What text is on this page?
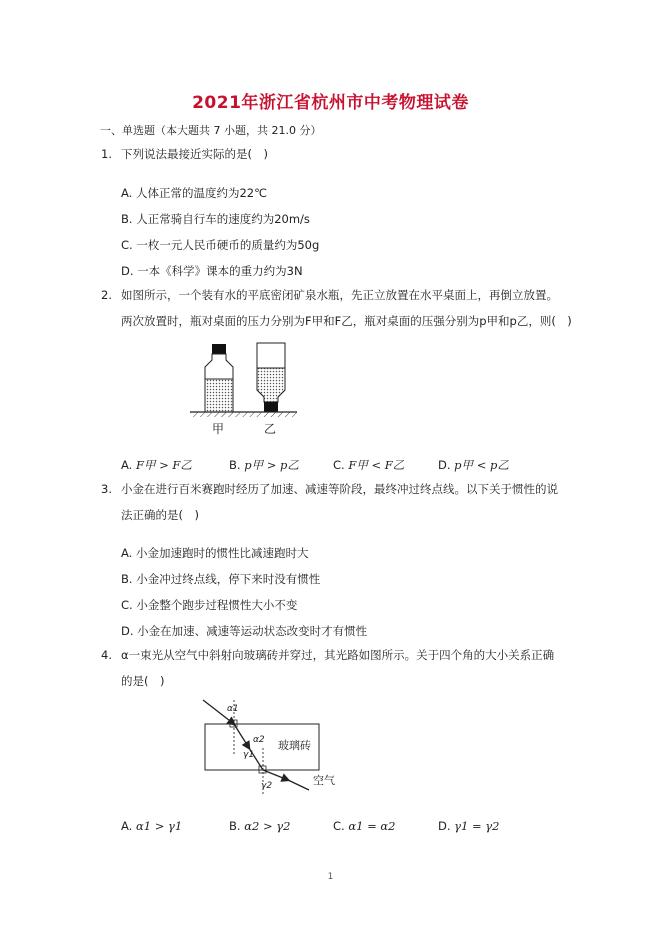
2021年浙江省杭州市中考物理试卷
一、单选题（本大题共 7 小题，共 21.0 分）
1. 下列说法最接近实际的是(　)
A. 人体正常的温度约为22℃
B. 人正常骑自行车的速度约为20m/s
C. 一枚一元人民币硬币的质量约为50g
D. 一本《科学》课本的重力约为3N
2. 如图所示，一个装有水的平底密闭矿泉水瓶，先正立放置在水平桌面上，再倒立放置。
两次放置时，瓶对桌面的压力分别为F甲和F乙，瓶对桌面的压强分别为p甲和p乙，则(　)
甲	乙
A. F甲 > F乙	B. p甲 > p乙	C. F甲 < F乙	D. p甲 < p乙
3. 小金在进行百米赛跑时经历了加速、减速等阶段，最终冲过终点线。以下关于惯性的说
法正确的是(　)
A. 小金加速跑时的惯性比减速跑时大
B. 小金冲过终点线，停下来时没有惯性
C. 小金整个跑步过程惯性大小不变
D. 小金在加速、减速等运动状态改变时才有惯性
4. α一束光从空气中斜射向玻璃砖并穿过，其光路如图所示。关于四个角的大小关系正确
的是(　)
α1
α2
γ1
γ2
玻璃砖
空气
A. α1 > γ1	B. α2 > γ2	C. α1 = α2	D. γ1 = γ2
1
